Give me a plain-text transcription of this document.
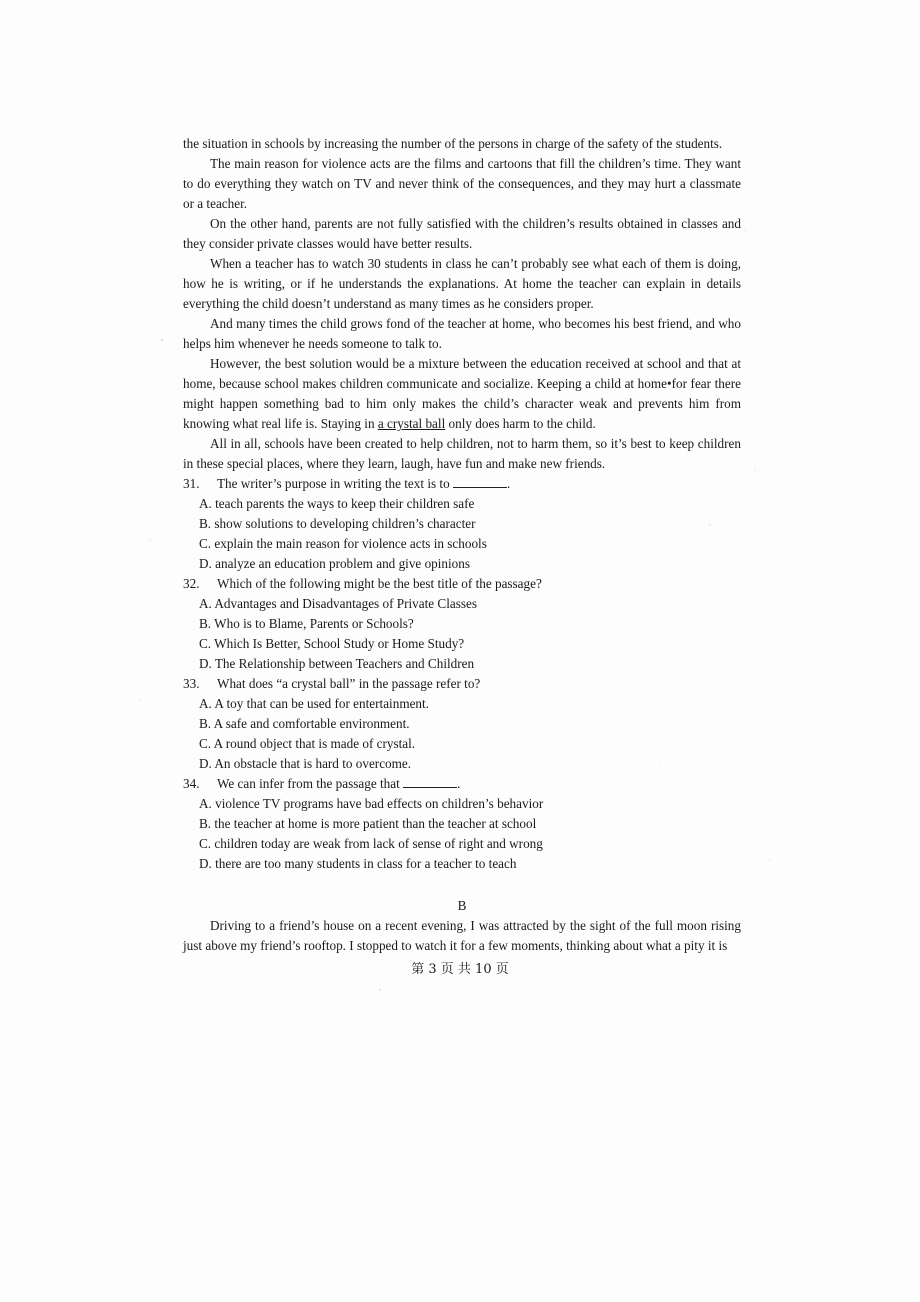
the situation in schools by increasing the number of the persons in charge of the safety of the students.

The main reason for violence acts are the films and cartoons that fill the children’s time. They want to do everything they watch on TV and never think of the consequences, and they may hurt a classmate or a teacher.

On the other hand, parents are not fully satisfied with the children’s results obtained in classes and they consider private classes would have better results.

When a teacher has to watch 30 students in class he can’t probably see what each of them is doing, how he is writing, or if he understands the explanations. At home the teacher can explain in details everything the child doesn’t understand as many times as he considers proper.

And many times the child grows fond of the teacher at home, who becomes his best friend, and who helps him whenever he needs someone to talk to.

However, the best solution would be a mixture between the education received at school and that at home, because school makes children communicate and socialize. Keeping a child at home•for fear there might happen something bad to him only makes the child’s character weak and prevents him from knowing what real life is. Staying in a crystal ball only does harm to the child.

All in all, schools have been created to help children, not to harm them, so it’s best to keep children in these special places, where they learn, laugh, have fun and make new friends.

31. The writer’s purpose in writing the text is to	.

A. teach parents the ways to keep their children safe

B. show solutions to developing children’s character

C. explain the main reason for violence acts in schools

D. analyze an education problem and give opinions

32. Which of the following might be the best title of the passage?

A. Advantages and Disadvantages of Private Classes

B. Who is to Blame, Parents or Schools?

C. Which Is Better, School Study or Home Study?

D. The Relationship between Teachers and Children

33. What does “a crystal ball” in the passage refer to?

A. A toy that can be used for entertainment.

B. A safe and comfortable environment.

C. A round object that is made of crystal.

D. An obstacle that is hard to overcome.

34. We can infer from the passage that	.

A. violence TV programs have bad effects on children’s behavior

B. the teacher at home is more patient than the teacher at school

C. children today are weak from lack of sense of right and wrong

D. there are too many students in class for a teacher to teach

B

Driving to a friend’s house on a recent evening, I was attracted by the sight of the full moon rising just above my friend’s rooftop. I stopped to watch it for a few moments, thinking about what a pity it is

第 3 页 共 10 页
